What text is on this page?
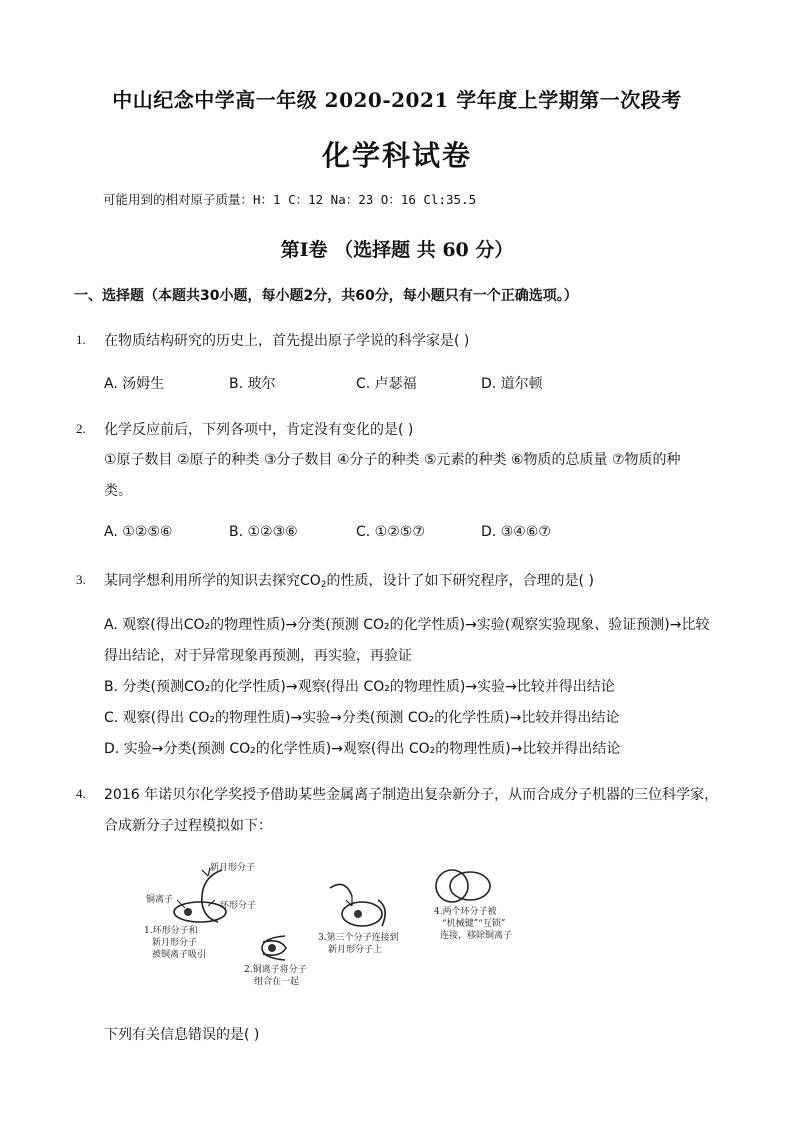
中山纪念中学高一年级 2020-2021 学年度上学期第一次段考
化学科试卷
可能用到的相对原子质量：H：1 C：12 Na：23 O：16 Cl:35.5
第Ⅰ卷 （选择题 共 60 分）
一、选择题（本题共30小题，每小题2分，共60分，每小题只有一个正确选项。）
1. 在物质结构研究的历史上，首先提出原子学说的科学家是( )
A. 汤姆生	B. 玻尔	C. 卢瑟福	D. 道尔顿
2. 化学反应前后，下列各项中，肯定没有变化的是( )
①原子数目 ②原子的种类 ③分子数目 ④分子的种类 ⑤元素的种类 ⑥物质的总质量 ⑦物质的种
类。
A. ①②⑤⑥	B. ①②③⑥	C. ①②⑤⑦	D. ③④⑥⑦
3. 某同学想利用所学的知识去探究$CO_2$的性质，设计了如下研究程序，合理的是( )
A. 观察(得出CO₂的物理性质)→分类(预测 CO₂的化学性质)→实验(观察实验现象、验证预测)→比较
得出结论，对于异常现象再预测，再实验，再验证
B. 分类(预测CO₂的化学性质)→观察(得出 CO₂的物理性质)→实验→比较并得出结论
C. 观察(得出 CO₂的物理性质)→实验→分类(预测 CO₂的化学性质)→比较并得出结论
D. 实验→分类(预测 CO₂的化学性质)→观察(得出 CO₂的物理性质)→比较并得出结论
4. 2016 年诺贝尔化学奖授予借助某些金属离子制造出复杂新分子，从而合成分子机器的三位科学家，
合成新分子过程模拟如下：
新月形分子
铜离子
环形分子
1.环形分子和
新月形分子
被铜离子吸引
2.铜离子将分子
组合在一起
3.第三个分子连接到
新月形分子上
4.两个环分子被
“机械键”“互锁”
连接，移除铜离子
下列有关信息错误的是( )
